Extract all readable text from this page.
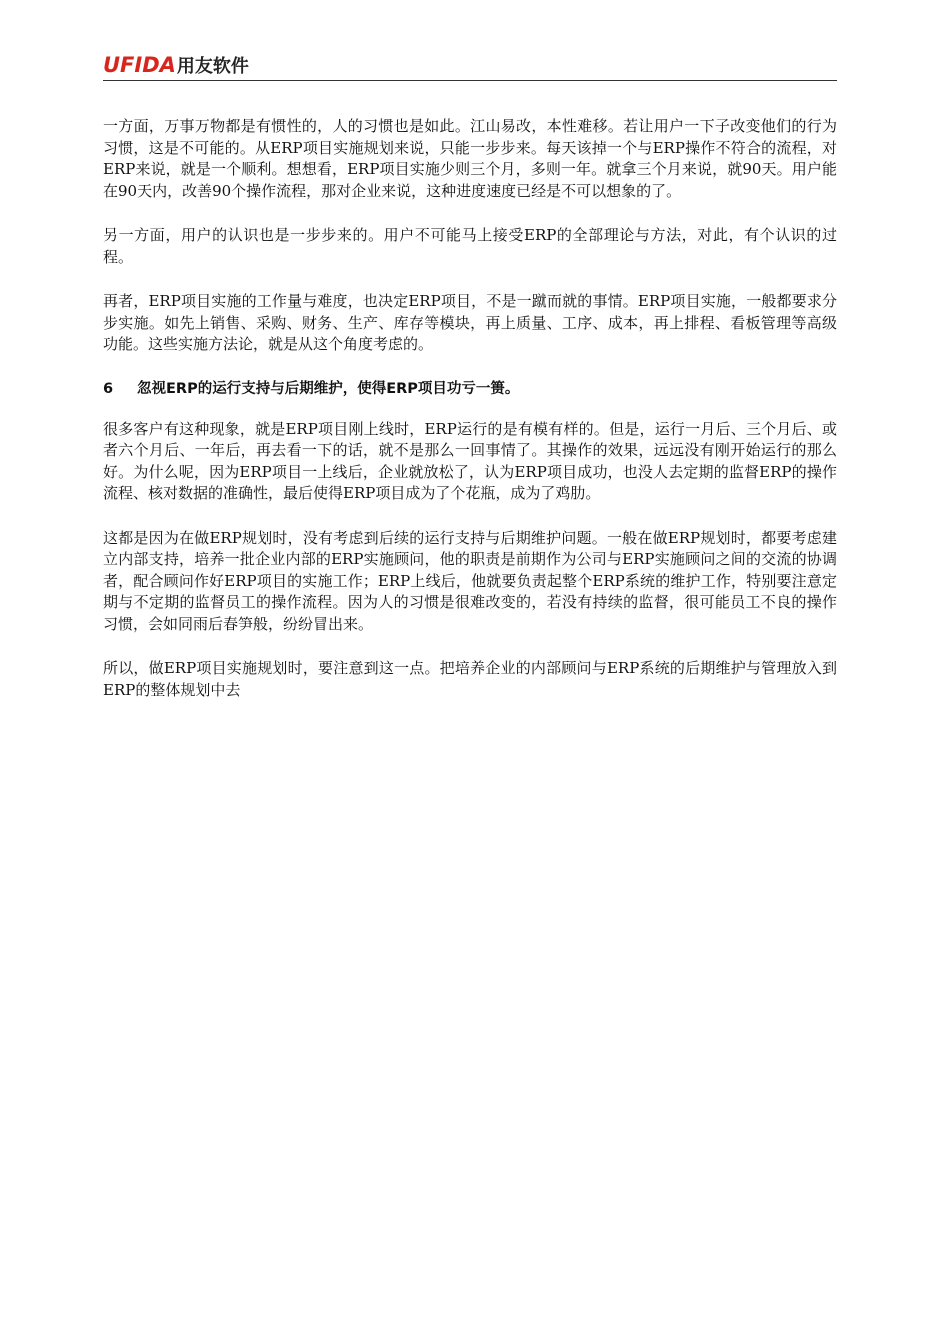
UFIDA 用友软件

一方面，万事万物都是有惯性的，人的习惯也是如此。江山易改，本性难移。若让用户一下子改变他们的行为习惯，这是不可能的。从ERP项目实施规划来说，只能一步步来。每天该掉一个与ERP操作不符合的流程，对ERP来说，就是一个顺利。想想看，ERP项目实施少则三个月，多则一年。就拿三个月来说，就90天。用户能在90天内，改善90个操作流程，那对企业来说，这种进度速度已经是不可以想象的了。

另一方面，用户的认识也是一步步来的。用户不可能马上接受ERP的全部理论与方法，对此，有个认识的过程。

再者，ERP项目实施的工作量与难度，也决定ERP项目，不是一蹴而就的事情。ERP项目实施，一般都要求分步实施。如先上销售、采购、财务、生产、库存等模块，再上质量、工序、成本，再上排程、看板管理等高级功能。这些实施方法论，就是从这个角度考虑的。

6	忽视ERP的运行支持与后期维护，使得ERP项目功亏一篑。

很多客户有这种现象，就是ERP项目刚上线时，ERP运行的是有模有样的。但是，运行一月后、三个月后、或者六个月后、一年后，再去看一下的话，就不是那么一回事情了。其操作的效果，远远没有刚开始运行的那么好。为什么呢，因为ERP项目一上线后，企业就放松了，认为ERP项目成功，也没人去定期的监督ERP的操作流程、核对数据的准确性，最后使得ERP项目成为了个花瓶，成为了鸡肋。

这都是因为在做ERP规划时，没有考虑到后续的运行支持与后期维护问题。一般在做ERP规划时，都要考虑建立内部支持，培养一批企业内部的ERP实施顾问，他的职责是前期作为公司与ERP实施顾问之间的交流的协调者，配合顾问作好ERP项目的实施工作；ERP上线后，他就要负责起整个ERP系统的维护工作，特别要注意定期与不定期的监督员工的操作流程。因为人的习惯是很难改变的，若没有持续的监督，很可能员工不良的操作习惯，会如同雨后春笋般，纷纷冒出来。

所以，做ERP项目实施规划时，要注意到这一点。把培养企业的内部顾问与ERP系统的后期维护与管理放入到ERP的整体规划中去
